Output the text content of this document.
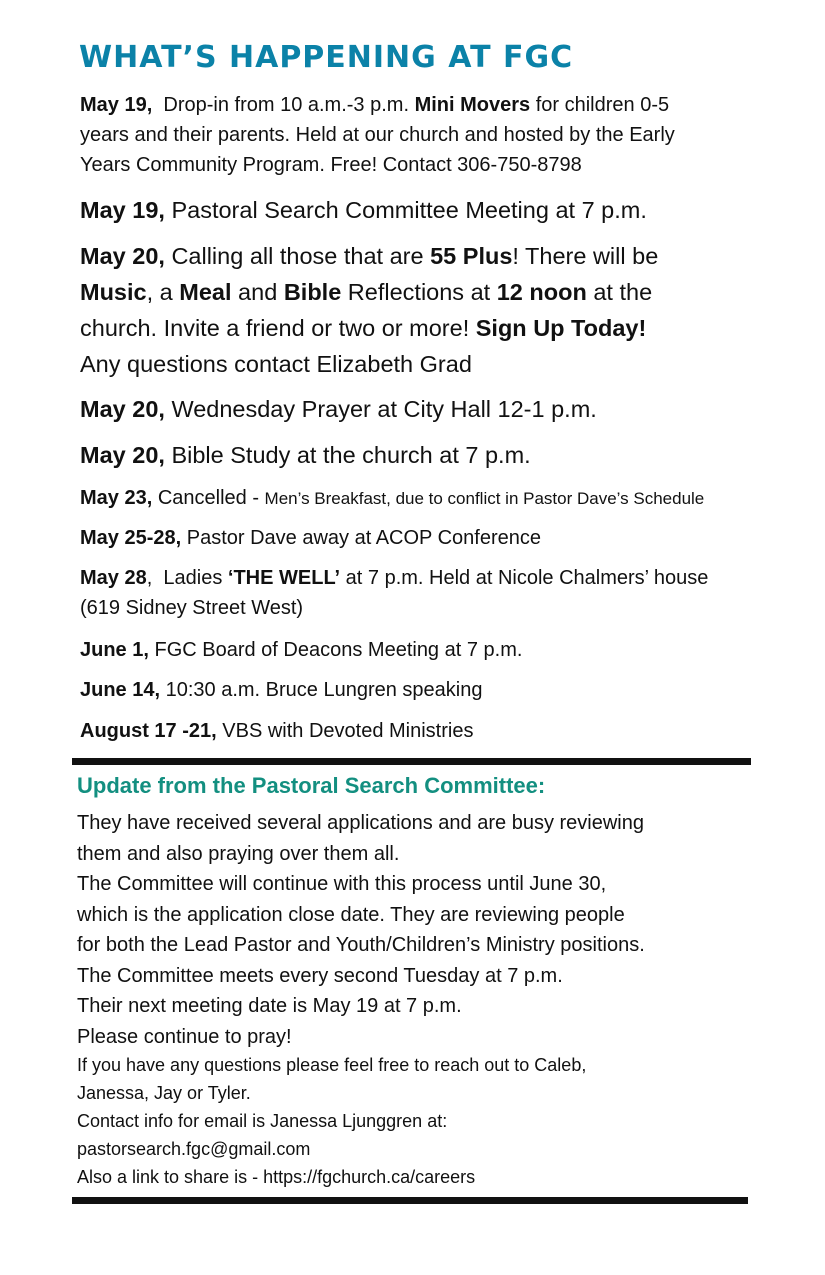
WHAT’S HAPPENING AT FGC
May 19,  Drop-in from 10 a.m.-3 p.m. Mini Movers for children 0-5
years and their parents. Held at our church and hosted by the Early
Years Community Program. Free! Contact 306-750-8798
May 19, Pastoral Search Committee Meeting at 7 p.m.
May 20, Calling all those that are 55 Plus! There will be
Music, a Meal and Bible Reflections at 12 noon at the
church. Invite a friend or two or more! Sign Up Today!
Any questions contact Elizabeth Grad
May 20, Wednesday Prayer at City Hall 12-1 p.m.
May 20, Bible Study at the church at 7 p.m.
May 23, Cancelled - Men’s Breakfast, due to conflict in Pastor Dave’s Schedule
May 25-28, Pastor Dave away at ACOP Conference
May 28,  Ladies ‘THE WELL’ at 7 p.m. Held at Nicole Chalmers’ house
(619 Sidney Street West)
June 1, FGC Board of Deacons Meeting at 7 p.m.
June 14, 10:30 a.m. Bruce Lungren speaking
August 17 -21, VBS with Devoted Ministries
Update from the Pastoral Search Committee:
They have received several applications and are busy reviewing
them and also praying over them all.
The Committee will continue with this process until June 30,
which is the application close date. They are reviewing people
for both the Lead Pastor and Youth/Children’s Ministry positions.
The Committee meets every second Tuesday at 7 p.m.
Their next meeting date is May 19 at 7 p.m.
Please continue to pray!
If you have any questions please feel free to reach out to Caleb,
Janessa, Jay or Tyler.
Contact info for email is Janessa Ljunggren at:
pastorsearch.fgc@gmail.com
Also a link to share is - https://fgchurch.ca/careers
